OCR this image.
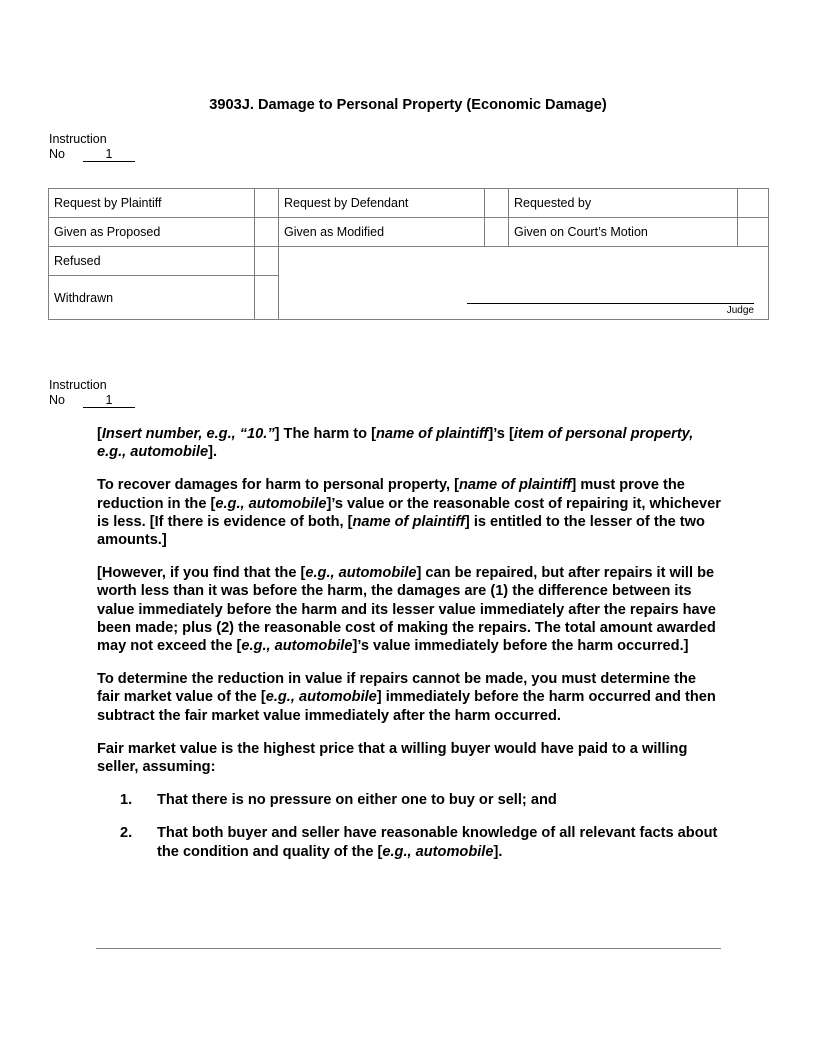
3903J. Damage to Personal Property (Economic Damage)
Instruction
No	1
Request by Plaintiff		Request by Defendant		Requested by	
Given as Proposed		Given as Modified		Given on Court’s Motion	
Refused					
Withdrawn					
Judge
Instruction
No	1

[Insert number, e.g., “10.”] The harm to [name of plaintiff]’s [item of personal property, e.g., automobile].

To recover damages for harm to personal property, [name of plaintiff] must prove the reduction in the [e.g., automobile]’s value or the reasonable cost of repairing it, whichever is less. [If there is evidence of both, [name of plaintiff] is entitled to the lesser of the two amounts.]

[However, if you find that the [e.g., automobile] can be repaired, but after repairs it will be worth less than it was before the harm, the damages are (1) the difference between its value immediately before the harm and its lesser value immediately after the repairs have been made; plus (2) the reasonable cost of making the repairs. The total amount awarded may not exceed the [e.g., automobile]’s value immediately before the harm occurred.]

To determine the reduction in value if repairs cannot be made, you must determine the fair market value of the [e.g., automobile] immediately before the harm occurred and then subtract the fair market value immediately after the harm occurred.

Fair market value is the highest price that a willing buyer would have paid to a willing seller, assuming:

1. That there is no pressure on either one to buy or sell; and
2. That both buyer and seller have reasonable knowledge of all relevant facts about the condition and quality of the [e.g., automobile].
